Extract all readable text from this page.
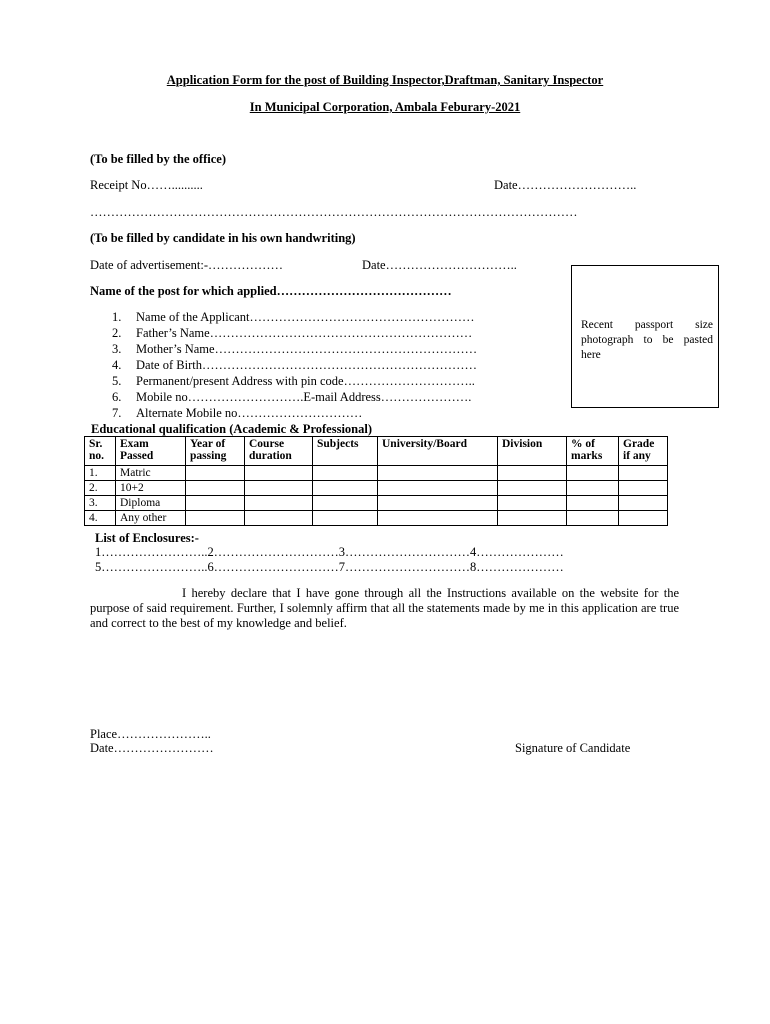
Application Form for the post of Building Inspector,Draftman, Sanitary Inspector
In Municipal Corporation, Ambala Feburary-2021
(To be filled by the office)
Receipt No……..........	Date………………………..
………………………………………………………………………………………………………
(To be filled by candidate in his own handwriting)
Date of advertisement:-………………	Date…………………………..
Name of the post for which applied……………………………………
Recent passport size photograph to be pasted here
1. Name of the Applicant………………………………………………
2. Father’s Name………………………………………………………
3. Mother’s Name………………………………………………………
4. Date of Birth…………………………………………………………
5. Permanent/present Address with pin code…………………………..
6. Mobile no……………………….E-mail Address………………….
7. Alternate Mobile no…………………………
Educational qualification (Academic & Professional)
Sr. no.	Exam Passed	Year of passing	Course duration	Subjects	University/Board	Division	% of marks	Grade if any
1.	Matric							
2.	10+2							
3.	Diploma							
4.	Any other							
List of Enclosures:-
1……………………..2…………………………3…………………………4…………………
5……………………..6…………………………7…………………………8…………………
I hereby declare that I have gone through all the Instructions available on the website for the purpose of said requirement. Further, I solemnly affirm that all the statements made by me in this application are true and correct to the best of my knowledge and belief.
Place…………………..
Date……………………	Signature of Candidate
